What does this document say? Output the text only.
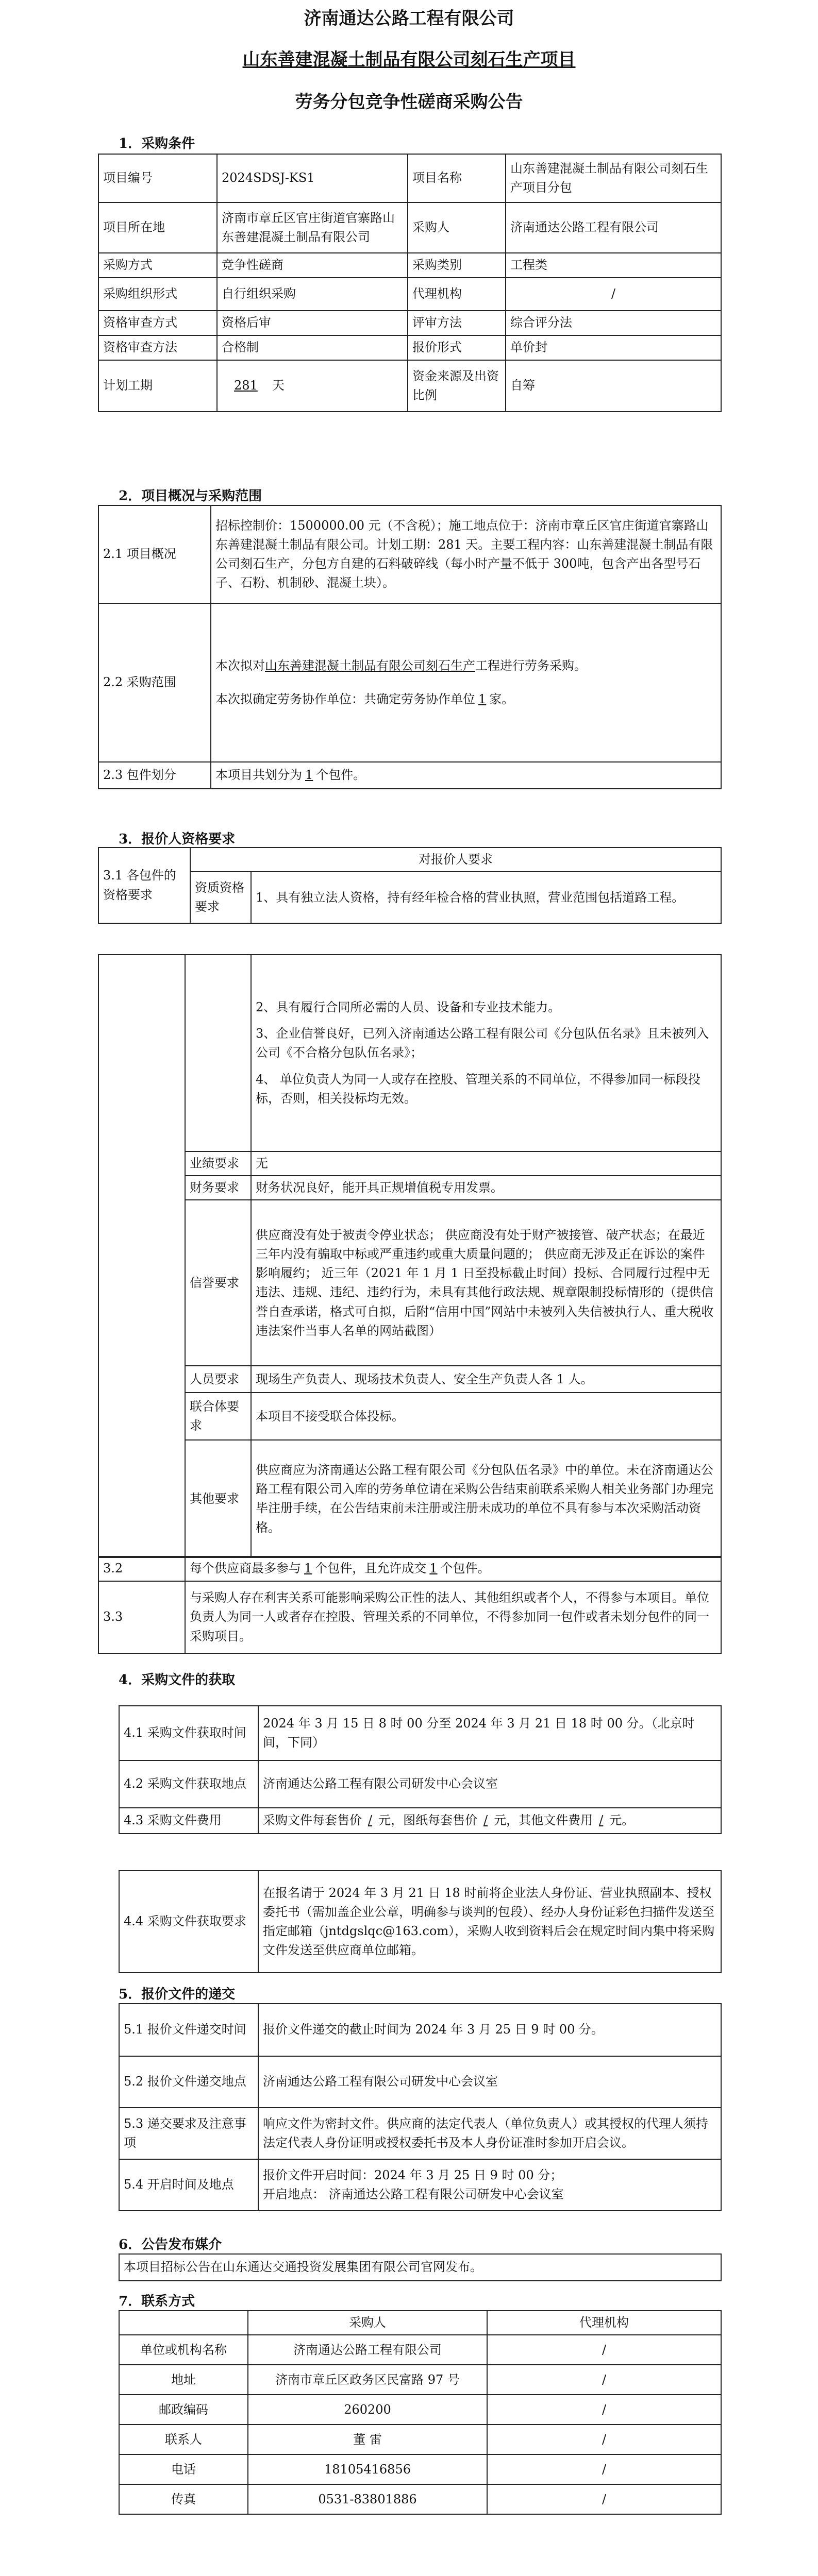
济南通达公路工程有限公司
山东善建混凝土制品有限公司刻石生产项目
劳务分包竞争性磋商采购公告
1．采购条件
项目编号	2024SDSJ-KS1	项目名称	山东善建混凝土制品有限公司刻石生产项目分包
项目所在地	济南市章丘区官庄街道官寨路山东善建混凝土制品有限公司	采购人	济南通达公路工程有限公司
采购方式	竞争性磋商	采购类别	工程类
采购组织形式	自行组织采购	代理机构	/
资格审查方式	资格后审	评审方法	综合评分法
资格审查方法	合格制	报价形式	单价封
计划工期	281 天	资金来源及出资比例	自筹
2．项目概况与采购范围
2.1 项目概况	招标控制价：1500000.00 元（不含税）；施工地点位于：济南市章丘区官庄街道官寨路山东善建混凝土制品有限公司。计划工期：281 天。主要工程内容：山东善建混凝土制品有限公司刻石生产，分包方自建的石料破碎线（每小时产量不低于 300吨，包含产出各型号石子、石粉、机制砂、混凝土块）。
2.2 采购范围	本次拟对山东善建混凝土制品有限公司刻石生产工程进行劳务采购。
本次拟确定劳务协作单位：共确定劳务协作单位 1 家。

2.3 包件划分	本项目共划分为 1 个包件。
3．报价人资格要求
3.1 各包件的资格要求	对报价人要求	
	资质资格要求	1、具有独立法人资格，持有经年检合格的营业执照，营业范围包括道路工程。

		2、具有履行合同所必需的人员、设备和专业技术能力。
3、企业信誉良好，已列入济南通达公路工程有限公司《分包队伍名录》且未被列入公司《不合格分包队伍名录》；
4、 单位负责人为同一人或存在控股、管理关系的不同单位，不得参加同一标段投标，否则，相关投标均无效。

	业绩要求	无
	财务要求	财务状况良好，能开具正规增值税专用发票。
	信誉要求	供应商没有处于被责令停业状态； 供应商没有处于财产被接管、破产状态；在最近三年内没有骗取中标或严重违约或重大质量问题的； 供应商无涉及正在诉讼的案件影响履约； 近三年（2021 年 1 月 1 日至投标截止时间）投标、合同履行过程中无违法、违规、违纪、违约行为，未具有其他行政法规、规章限制投标情形的（提供信誉自查承诺，格式可自拟，后附“信用中国”网站中未被列入失信被执行人、重大税收违法案件当事人名单的网站截图）
	人员要求	现场生产负责人、现场技术负责人、安全生产负责人各 1 人。
	联合体要求	本项目不接受联合体投标。
	其他要求	供应商应为济南通达公路工程有限公司《分包队伍名录》中的单位。未在济南通达公路工程有限公司入库的劳务单位请在采购公告结束前联系采购人相关业务部门办理完毕注册手续，在公告结束前未注册或注册未成功的单位不具有参与本次采购活动资格。
3.2	每个供应商最多参与 1 个包件，且允许成交 1 个包件。
3.3	与采购人存在利害关系可能影响采购公正性的法人、其他组织或者个人，不得参与本项目。单位负责人为同一人或者存在控股、管理关系的不同单位，不得参加同一包件或者未划分包件的同一采购项目。
4．采购文件的获取
4.1 采购文件获取时间	2024 年 3 月 15 日 8 时 00 分至 2024 年 3 月 21 日 18 时 00 分。（北京时间，下同）
4.2 采购文件获取地点	济南通达公路工程有限公司研发中心会议室
4.3 采购文件费用	采购文件每套售价 / 元，图纸每套售价 / 元，其他文件费用 / 元。
4.4 采购文件获取要求	在报名请于 2024 年 3 月 21 日 18 时前将企业法人身份证、营业执照副本、授权委托书（需加盖企业公章，明确参与谈判的包段）、经办人身份证彩色扫描件发送至指定邮箱（jntdgslqc@163.com），采购人收到资料后会在规定时间内集中将采购文件发送至供应商单位邮箱。
5．报价文件的递交
5.1 报价文件递交时间	报价文件递交的截止时间为 2024 年 3 月 25 日 9 时 00 分。
5.2 报价文件递交地点	济南通达公路工程有限公司研发中心会议室
5.3 递交要求及注意事项	响应文件为密封文件。供应商的法定代表人（单位负责人）或其授权的代理人须持法定代表人身份证明或授权委托书及本人身份证准时参加开启会议。
5.4 开启时间及地点	报价文件开启时间：2024 年 3 月 25 日 9 时 00 分；
开启地点： 济南通达公路工程有限公司研发中心会议室
6．公告发布媒介
本项目招标公告在山东通达交通投资发展集团有限公司官网发布。
7．联系方式
	采购人	代理机构
单位或机构名称	济南通达公路工程有限公司	/
地址	济南市章丘区政务区民富路 97 号	/
邮政编码	260200	/
联系人	董 雷	/
电话	18105416856	/
传真	0531-83801886	/
